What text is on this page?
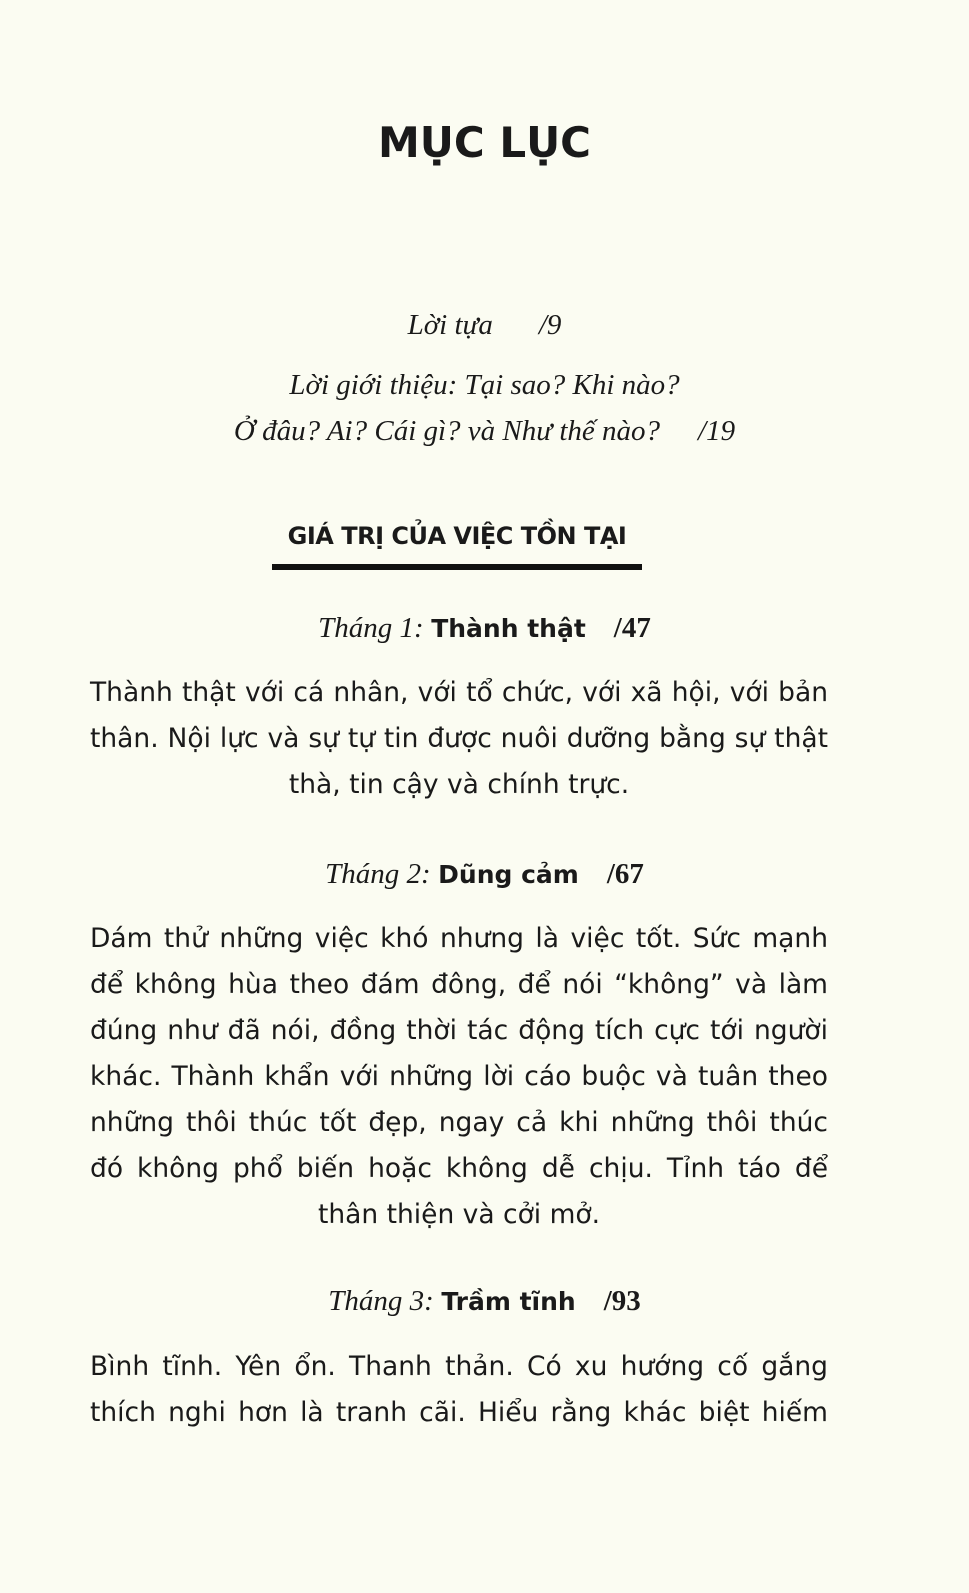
MỤC LỤC
Lời tựa /9
Lời giới thiệu: Tại sao? Khi nào?
Ở đâu? Ai? Cái gì? và Như thế nào? /19
GIÁ TRỊ CỦA VIỆC TỒN TẠI
Tháng 1: Thành thật /47

Thành thật với cá nhân, với tổ chức, với xã hội, với bản thân. Nội lực và sự tự tin được nuôi dưỡng bằng sự thật thà, tin cậy và chính trực.

Tháng 2: Dũng cảm /67

Dám thử những việc khó nhưng là việc tốt. Sức mạnh để không hùa theo đám đông, để nói “không” và làm đúng như đã nói, đồng thời tác động tích cực tới người khác. Thành khẩn với những lời cáo buộc và tuân theo những thôi thúc tốt đẹp, ngay cả khi những thôi thúc đó không phổ biến hoặc không dễ chịu. Tỉnh táo để thân thiện và cởi mở.

Tháng 3: Trầm tĩnh /93

Bình tĩnh. Yên ổn. Thanh thản. Có xu hướng cố gắng thích nghi hơn là tranh cãi. Hiểu rằng khác biệt hiếm
